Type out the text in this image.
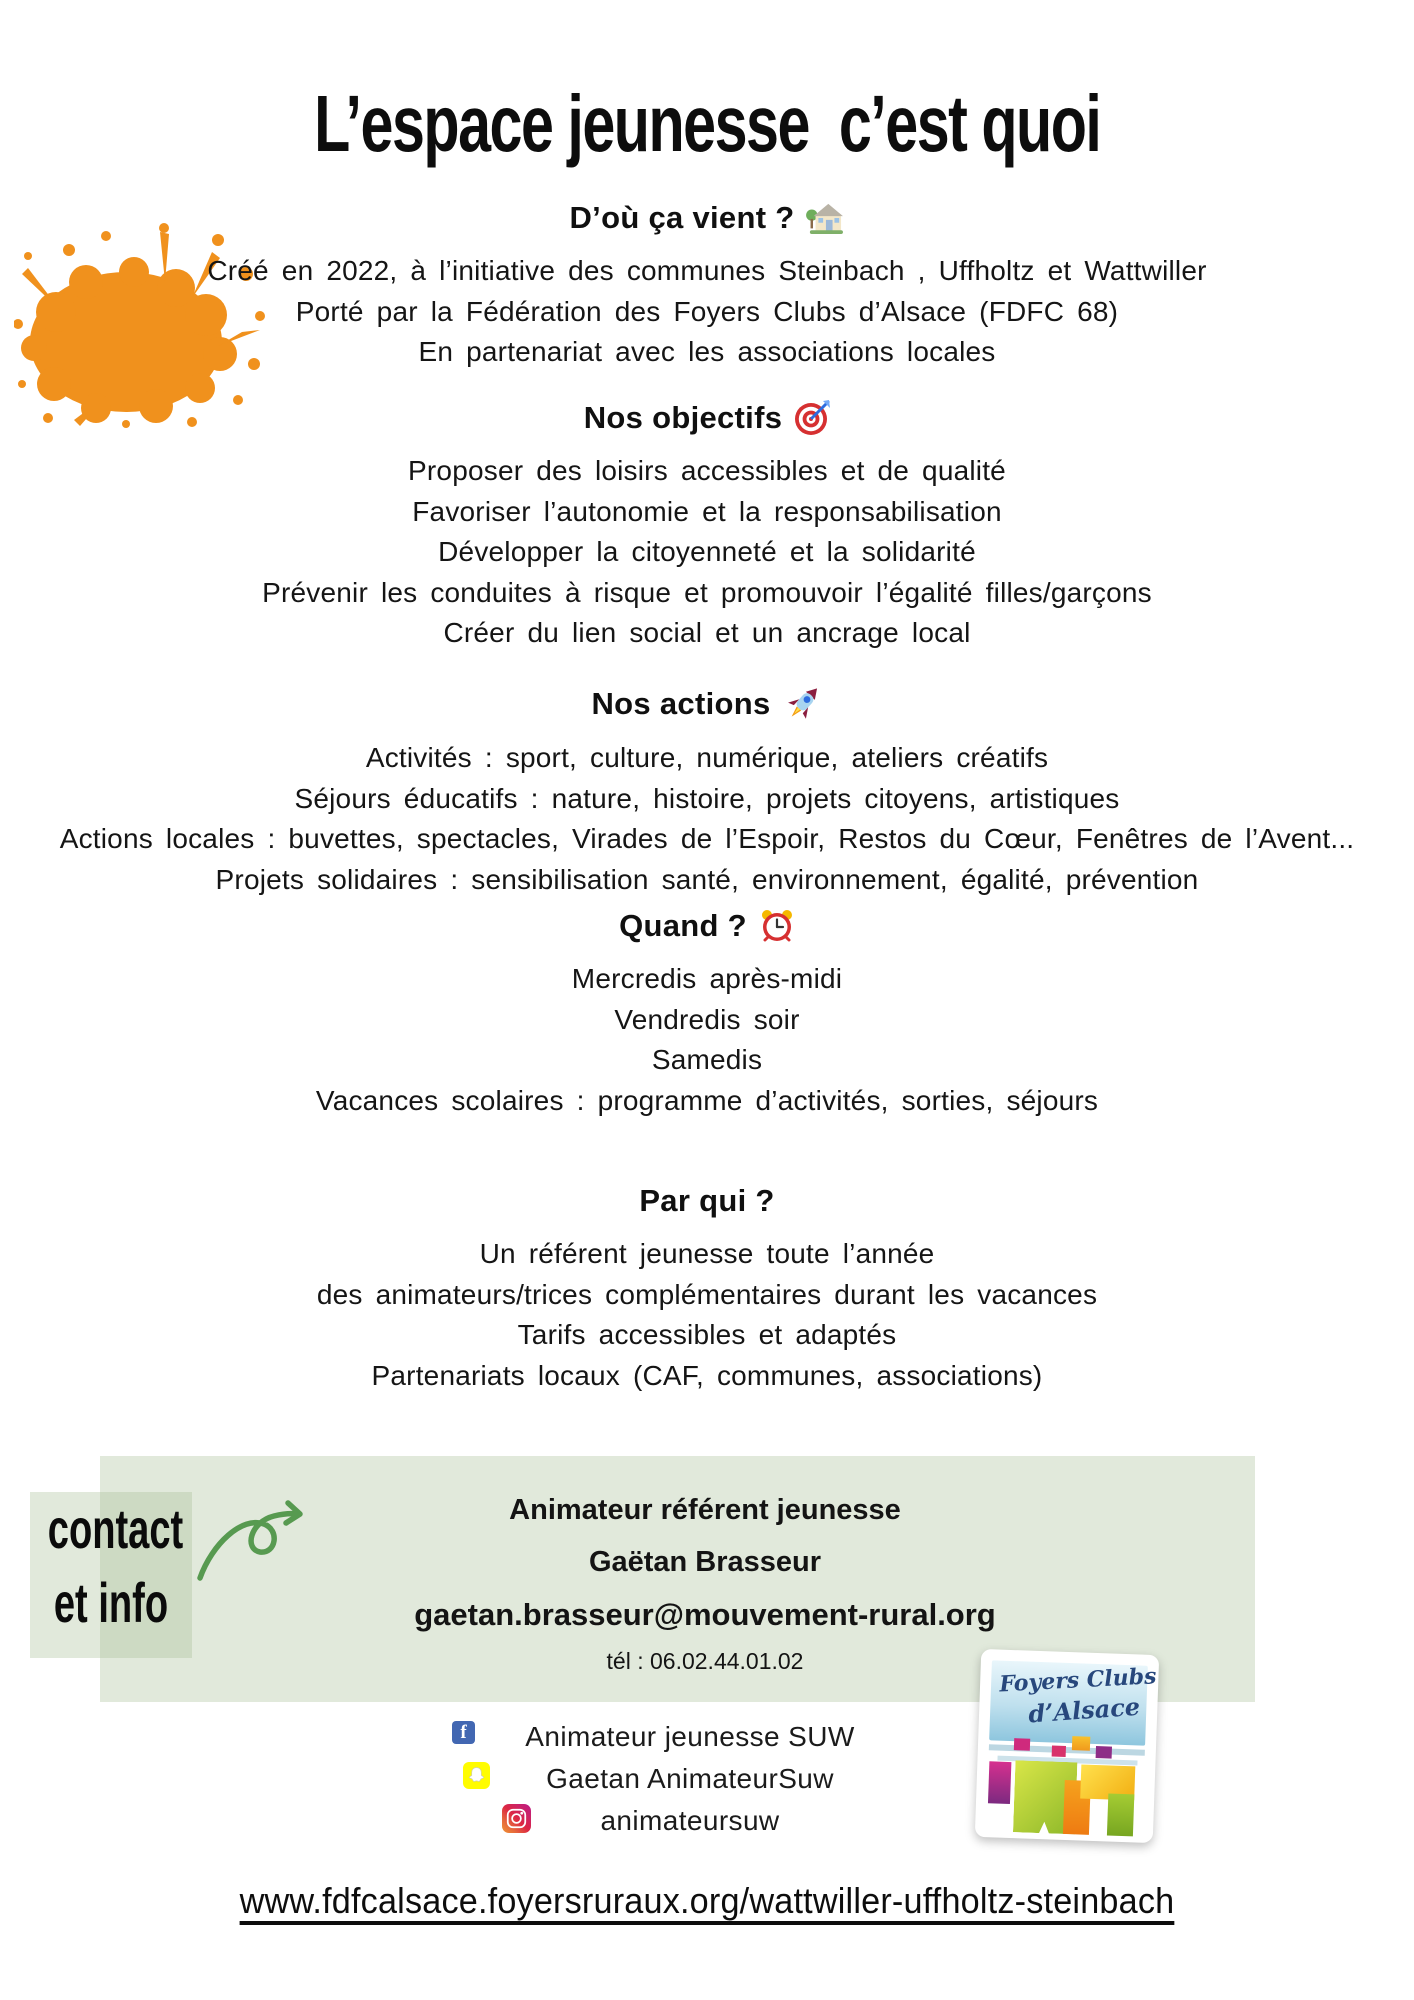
L’espace jeunesse  c’est quoi
D’où ça vient ?
Créé en 2022, à l’initiative des communes Steinbach , Uffholtz et Wattwiller
Porté par la Fédération des Foyers Clubs d’Alsace (FDFC 68)
En partenariat avec les associations locales
Nos objectifs
Proposer des loisirs accessibles et de qualité
Favoriser l’autonomie et la responsabilisation
Développer la citoyenneté et la solidarité
Prévenir les conduites à risque et promouvoir l’égalité filles/garçons
Créer du lien social et un ancrage local
Nos actions
Activités : sport, culture, numérique, ateliers créatifs
Séjours éducatifs : nature, histoire, projets citoyens, artistiques
Actions locales : buvettes, spectacles, Virades de l’Espoir, Restos du Cœur, Fenêtres de l’Avent...
Projets solidaires : sensibilisation santé, environnement, égalité, prévention
Quand ?
Mercredis après-midi
Vendredis soir
Samedis
Vacances scolaires : programme d’activités, sorties, séjours
Par qui ?
Un référent jeunesse toute l’année
des animateurs/trices complémentaires durant les vacances
Tarifs accessibles et adaptés
Partenariats locaux (CAF, communes, associations)
contact
et info
Animateur référent jeunesse
Gaëtan Brasseur
gaetan.brasseur@mouvement-rural.org
tél : 06.02.44.01.02
f	Animateur jeunesse SUW
Gaetan AnimateurSuw
animateursuw
Foyers Clubs
d’Alsace
www.fdfcalsace.foyersruraux.org/wattwiller-uffholtz-steinbach
